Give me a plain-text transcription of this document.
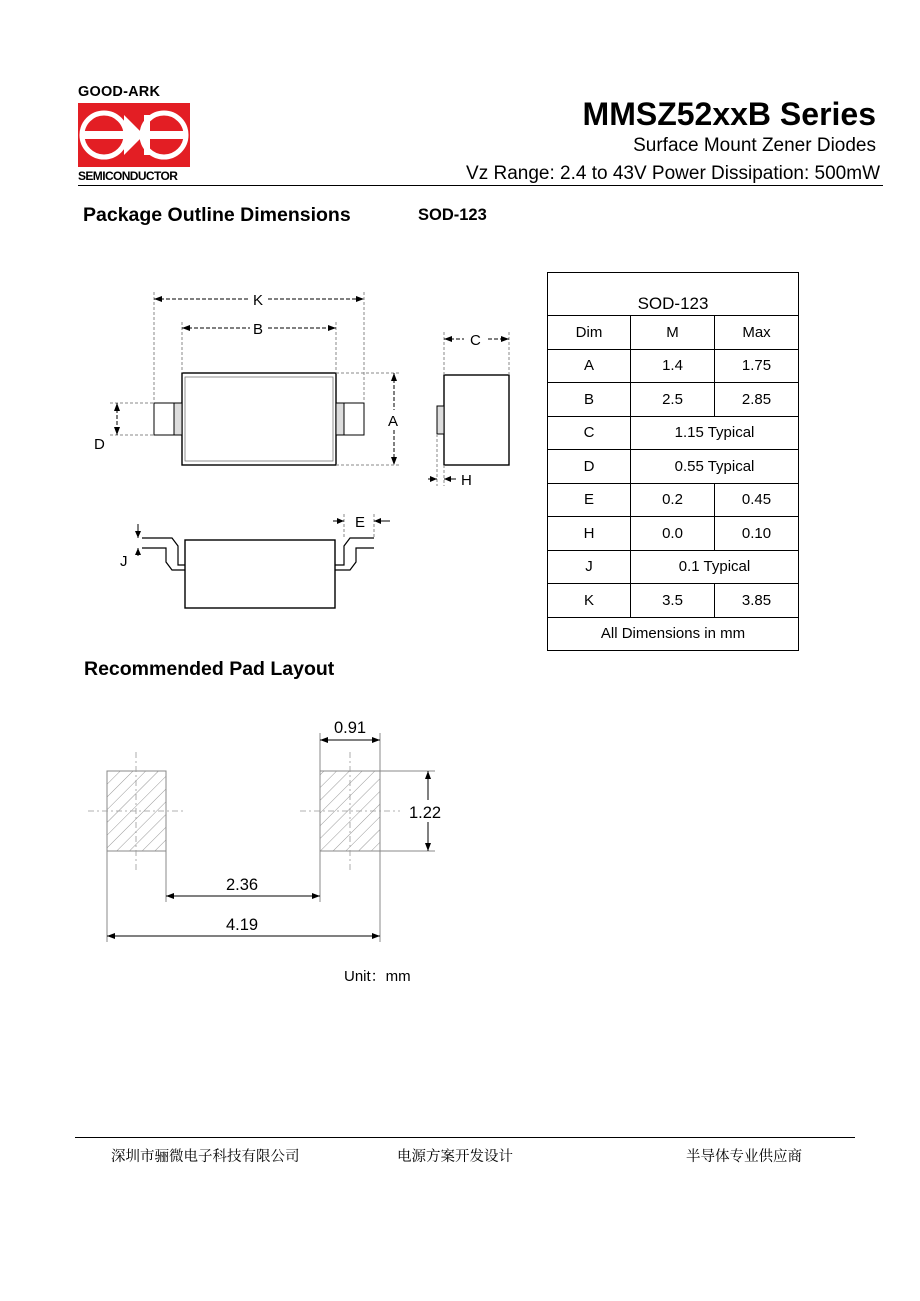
GOOD-ARK
SEMICONDUCTOR
MMSZ52xxB Series
Surface Mount Zener Diodes
Vz Range: 2.4 to 43V Power Dissipation: 500mW
Package Outline Dimensions	SOD-123
K
B
A
D
C
H
E
J
SOD-123		
Dim	M	Max
A	1.4	1.75
B	2.5	2.85
C	1.15 Typical	
D	0.55 Typical	
E	0.2	0.45
H	0.0	0.10
J	0.1 Typical	
K	3.5	3.85
All Dimensions in mm		
Recommended Pad Layout
0.91
1.22
2.36
4.19
Unit：mm
深圳市骊微电子科技有限公司	电源方案开发设计	半导体专业供应商
